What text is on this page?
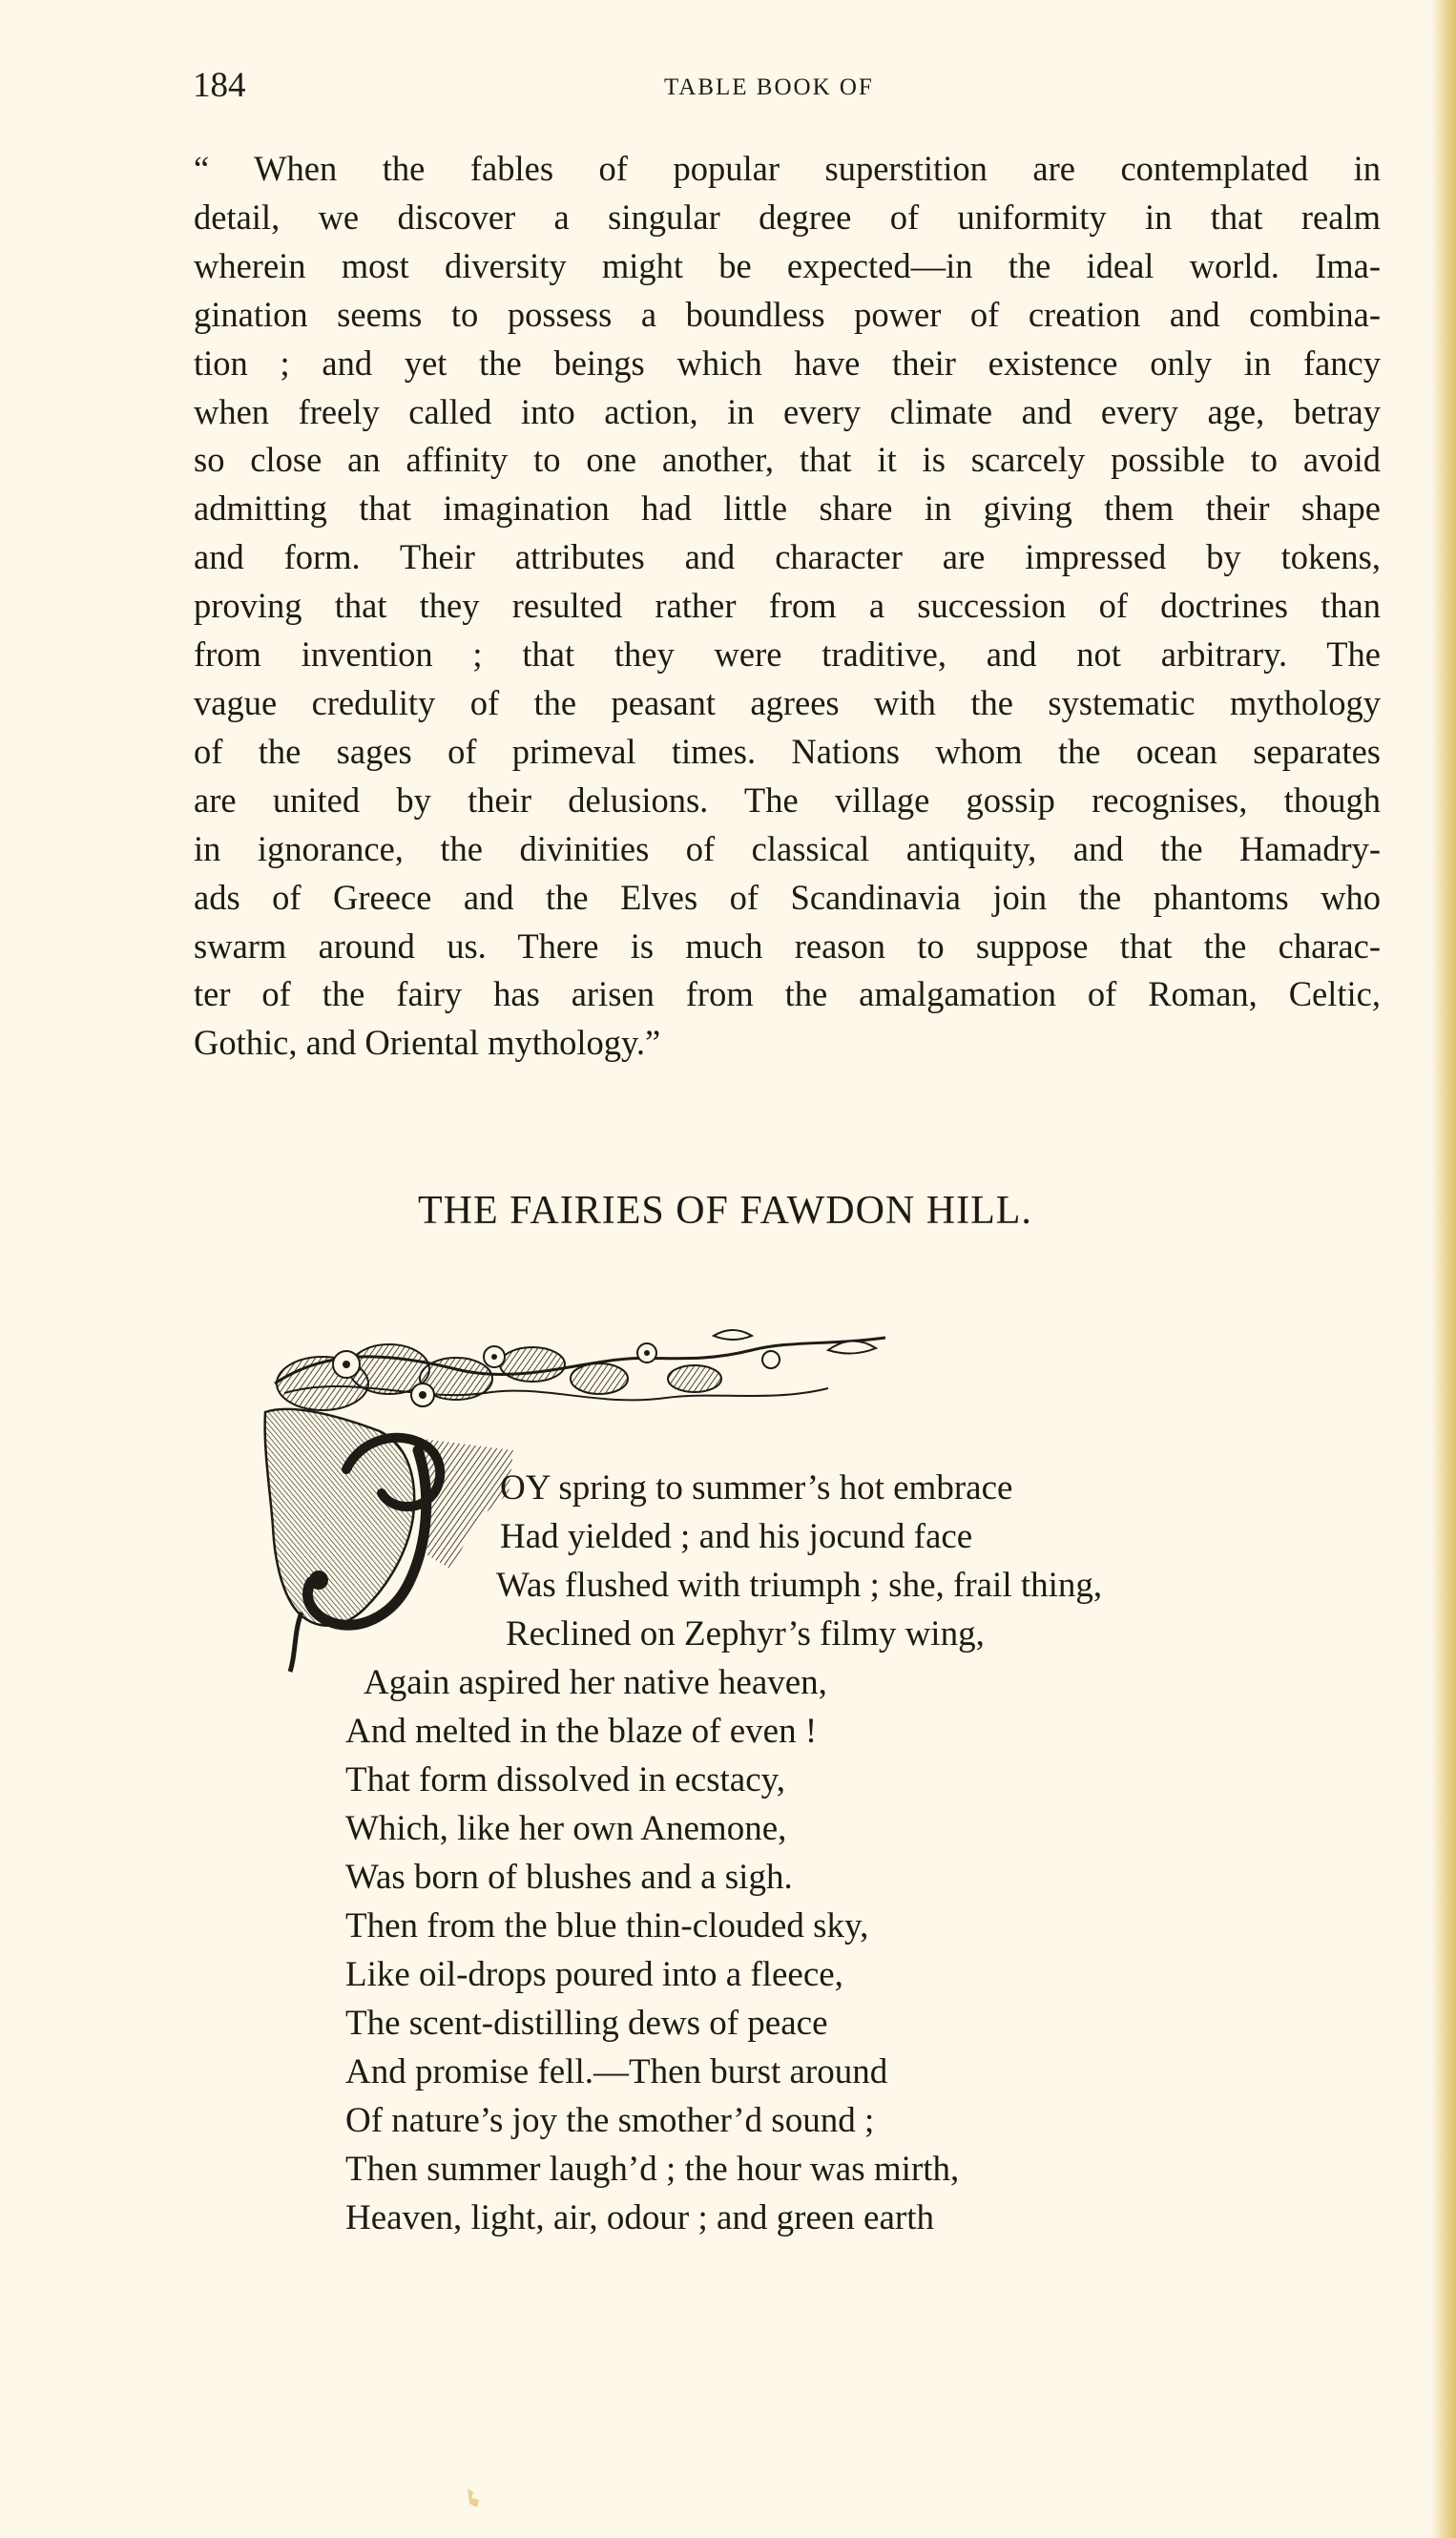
184	TABLE BOOK OF
“ When the fables of popular superstition are contemplated in
detail, we discover a singular degree of uniformity in that realm
wherein most diversity might be expected—in the ideal world. Ima-
gination seems to possess a boundless power of creation and combina-
tion ; and yet the beings which have their existence only in fancy
when freely called into action, in every climate and every age, betray
so close an affinity to one another, that it is scarcely possible to avoid
admitting that imagination had little share in giving them their shape
and form. Their attributes and character are impressed by tokens,
proving that they resulted rather from a succession of doctrines than
from invention ; that they were traditive, and not arbitrary. The
vague credulity of the peasant agrees with the systematic mythology
of the sages of primeval times. Nations whom the ocean separates
are united by their delusions. The village gossip recognises, though
in ignorance, the divinities of classical antiquity, and the Hamadry-
ads of Greece and the Elves of Scandinavia join the phantoms who
swarm around us. There is much reason to suppose that the charac-
ter of the fairy has arisen from the amalgamation of Roman, Celtic,
Gothic, and Oriental mythology.”
THE FAIRIES OF FAWDON HILL.
OY spring to summer’s hot embrace
Had yielded ; and his jocund face
Was flushed with triumph ; she, frail thing,
Reclined on Zephyr’s filmy wing,
Again aspired her native heaven,
And melted in the blaze of even !
That form dissolved in ecstacy,
Which, like her own Anemone,
Was born of blushes and a sigh.
Then from the blue thin-clouded sky,
Like oil-drops poured into a fleece,
The scent-distilling dews of peace
And promise fell.—Then burst around
Of nature’s joy the smother’d sound ;
Then summer laugh’d ; the hour was mirth,
Heaven, light, air, odour ; and green earth
